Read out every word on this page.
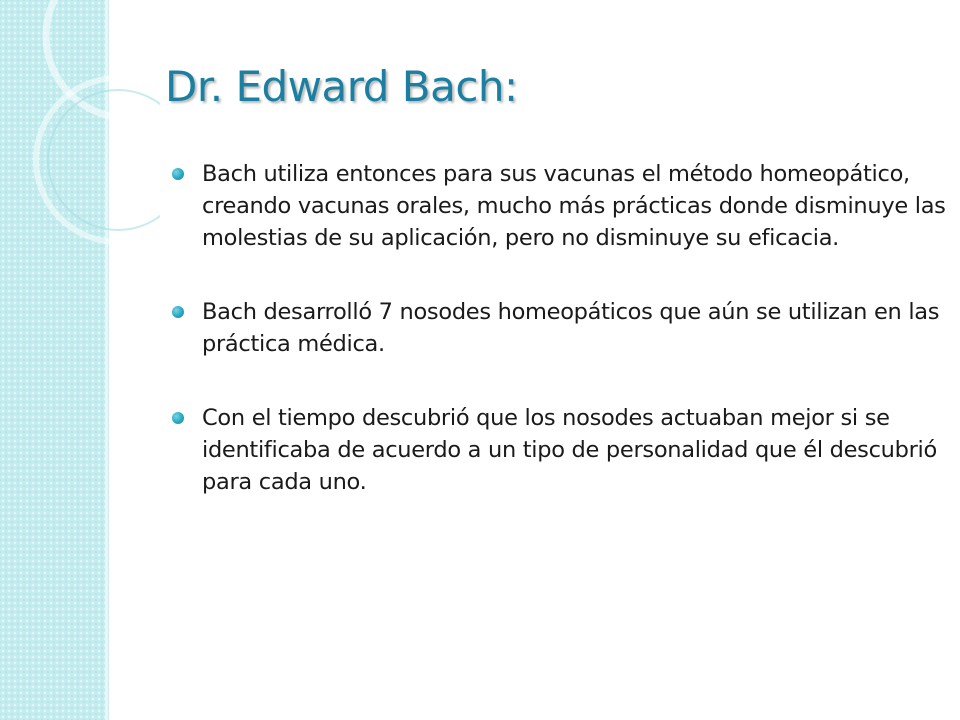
Dr. Edward Bach:
Bach utiliza entonces para sus vacunas el método homeopático, creando vacunas orales, mucho más prácticas donde disminuye las molestias de su aplicación, pero no disminuye su eficacia.
Bach desarrolló 7 nosodes homeopáticos que aún se utilizan en las práctica médica.
Con el tiempo descubrió que los nosodes actuaban mejor si se identificaba de acuerdo a un tipo de personalidad que él descubrió para cada uno.
